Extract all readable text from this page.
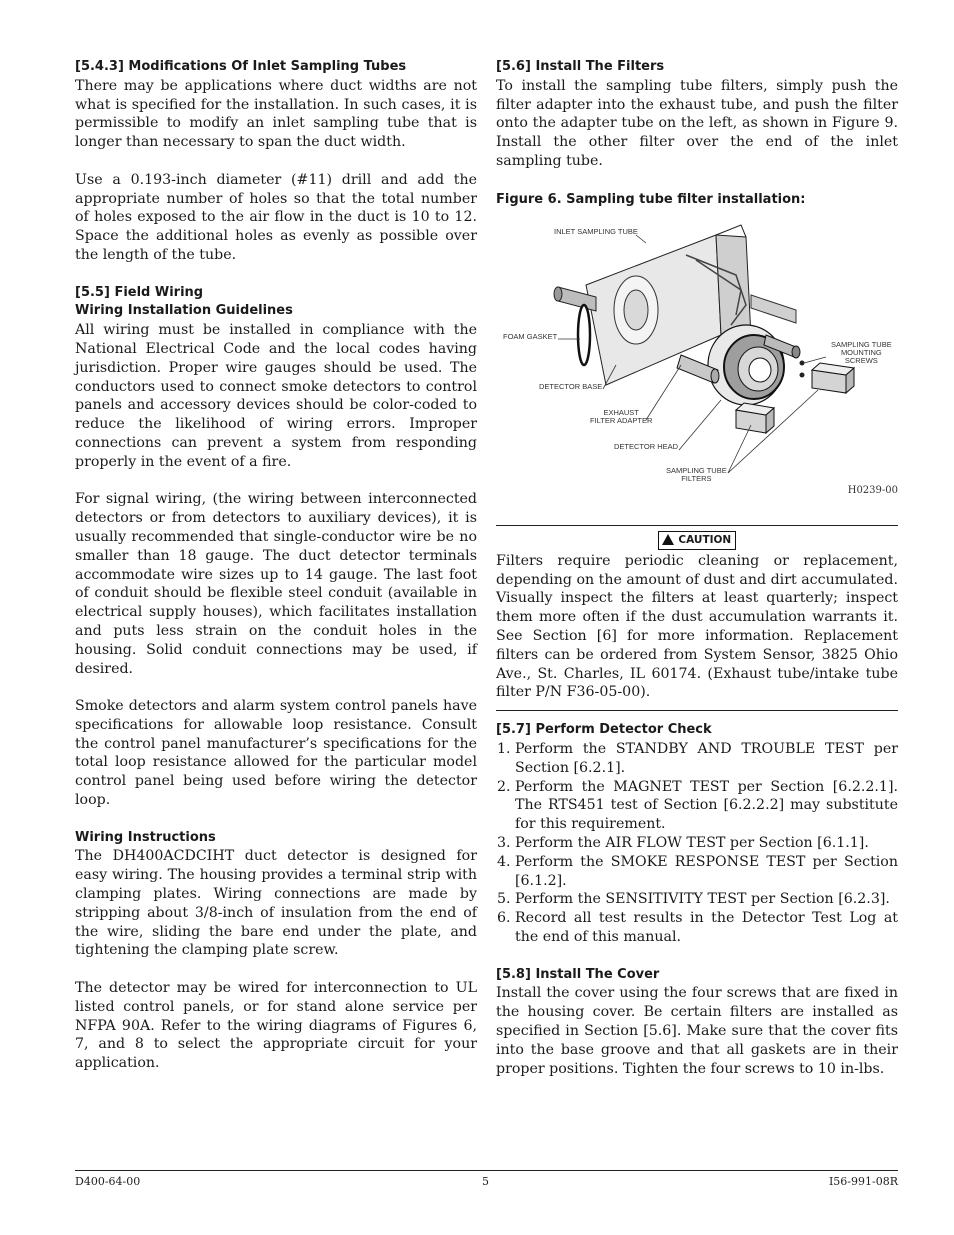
[5.4.3] Modifications Of Inlet Sampling Tubes

There may be applications where duct widths are not what is specified for the installation. In such cases, it is permissible to modify an inlet sampling tube that is longer than necessary to span the duct width.

Use a 0.193-inch diameter (#11) drill and add the appropriate number of holes so that the total number of holes exposed to the air flow in the duct is 10 to 12. Space the additional holes as evenly as possible over the length of the tube.

[5.5] Field Wiring
Wiring Installation Guidelines

All wiring must be installed in compliance with the National Electrical Code and the local codes having jurisdiction. Proper wire gauges should be used. The conductors used to connect smoke detectors to control panels and accessory devices should be color-coded to reduce the likelihood of wiring errors. Improper connections can prevent a system from responding properly in the event of a fire.

For signal wiring, (the wiring between interconnected detectors or from detectors to auxiliary devices), it is usually recommended that single-conductor wire be no smaller than 18 gauge. The duct detector terminals accommodate wire sizes up to 14 gauge. The last foot of conduit should be flexible steel conduit (available in electrical supply houses), which facilitates installation and puts less strain on the conduit holes in the housing. Solid conduit connections may be used, if desired.

Smoke detectors and alarm system control panels have specifications for allowable loop resistance. Consult the control panel manufacturer’s specifications for the total loop resistance allowed for the particular model control panel being used before wiring the detector loop.

Wiring Instructions

The DH400ACDCIHT duct detector is designed for easy wiring. The housing provides a terminal strip with clamping plates. Wiring connections are made by stripping about 3/8-inch of insulation from the end of the wire, sliding the bare end under the plate, and tightening the clamping plate screw.

The detector may be wired for interconnection to UL listed control panels, or for stand alone service per NFPA 90A. Refer to the wiring diagrams of Figures 6, 7, and 8 to select the appropriate circuit for your application.

[5.6] Install The Filters

To install the sampling tube filters, simply push the filter adapter into the exhaust tube, and push the filter onto the adapter tube on the left, as shown in Figure 9. Install the other filter over the end of the inlet sampling tube.

Figure 6. Sampling tube filter installation:
INLET SAMPLING TUBE
FOAM GASKET
DETECTOR BASE
EXHAUST
FILTER ADAPTER
DETECTOR HEAD
SAMPLING TUBE
FILTERS
SAMPLING TUBE
MOUNTING
SCREWS
H0239-00
CAUTION

Filters require periodic cleaning or replacement, depending on the amount of dust and dirt accumulated. Visually inspect the filters at least quarterly; inspect them more often if the dust accumulation warrants it. See Section [6] for more information. Replacement filters can be ordered from System Sensor, 3825 Ohio Ave., St. Charles, IL 60174. (Exhaust tube/intake tube filter P/N F36-05-00).

[5.7] Perform Detector Check
1. Perform the STANDBY AND TROUBLE TEST per Section [6.2.1].
2. Perform the MAGNET TEST per Section [6.2.2.1]. The RTS451 test of Section [6.2.2.2] may substitute for this requirement.
3. Perform the AIR FLOW TEST per Section [6.1.1].
4. Perform the SMOKE RESPONSE TEST per Section [6.1.2].
5. Perform the SENSITIVITY TEST per Section [6.2.3].
6. Record all test results in the Detector Test Log at the end of this manual.
[5.8] Install The Cover

Install the cover using the four screws that are fixed in the housing cover. Be certain filters are installed as specified in Section [5.6]. Make sure that the cover fits into the base groove and that all gaskets are in their proper positions. Tighten the four screws to 10 in-lbs.

D400-64-00	5	I56-991-08R
